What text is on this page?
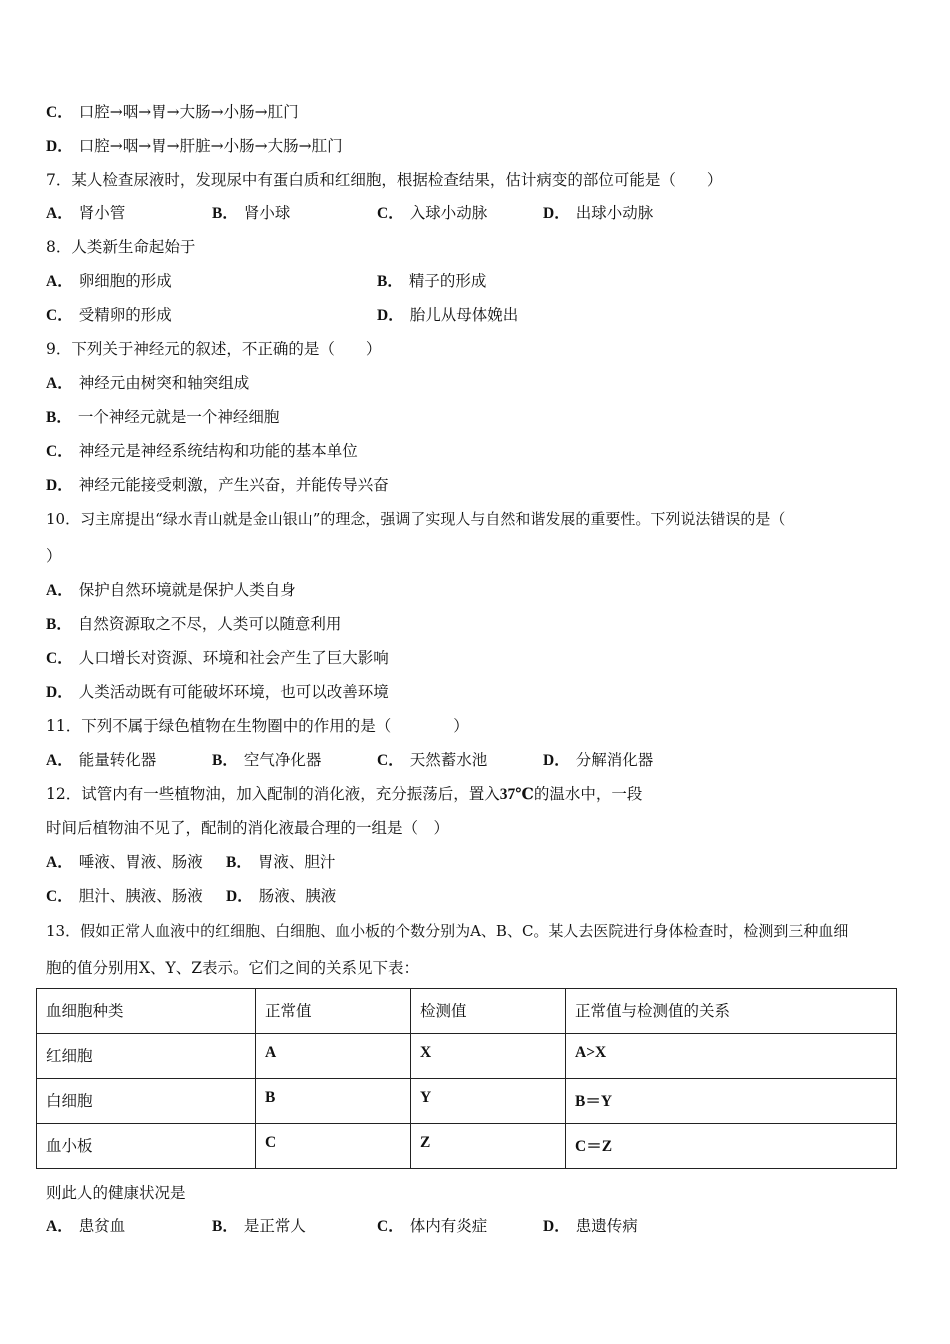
C． 口腔→咽→胃→大肠→小肠→肛门
D． 口腔→咽→胃→肝脏→小肠→大肠→肛门
7．某人检查尿液时，发现尿中有蛋白质和红细胞，根据检查结果，估计病变的部位可能是（　　）
A． 肾小管	B． 肾小球	C． 入球小动脉	D． 出球小动脉
8．人类新生命起始于
A． 卵细胞的形成	B． 精子的形成
C． 受精卵的形成	D． 胎儿从母体娩出
9．下列关于神经元的叙述，不正确的是（　　）
A． 神经元由树突和轴突组成
B． 一个神经元就是一个神经细胞
C． 神经元是神经系统结构和功能的基本单位
D． 神经元能接受刺激，产生兴奋，并能传导兴奋
10．习主席提出“绿水青山就是金山银山”的理念，强调了实现人与自然和谐发展的重要性。下列说法错误的是（
）
A． 保护自然环境就是保护人类自身
B． 自然资源取之不尽，人类可以随意利用
C． 人口增长对资源、环境和社会产生了巨大影响
D． 人类活动既有可能破坏环境，也可以改善环境
11．下列不属于绿色植物在生物圈中的作用的是（　　　　）
A． 能量转化器	B． 空气净化器	C． 天然蓄水池	D． 分解消化器
12．试管内有一些植物油，加入配制的消化液，充分振荡后，置入37℃的温水中，一段
时间后植物油不见了，配制的消化液最合理的一组是（　）
A． 唾液、胃液、肠液 B． 胃液、胆汁
C． 胆汁、胰液、肠液 D． 肠液、胰液
13．假如正常人血液中的红细胞、白细胞、血小板的个数分别为A、B、C。某人去医院进行身体检查时，检测到三种血细
胞的值分别用X、Y、Z表示。它们之间的关系见下表：
血细胞种类	正常值	检测值	正常值与检测值的关系
红细胞	A	X	A>X
白细胞	B	Y	B＝Y
血小板	C	Z	C＝Z
则此人的健康状况是
A． 患贫血	B． 是正常人	C． 体内有炎症	D． 患遗传病
